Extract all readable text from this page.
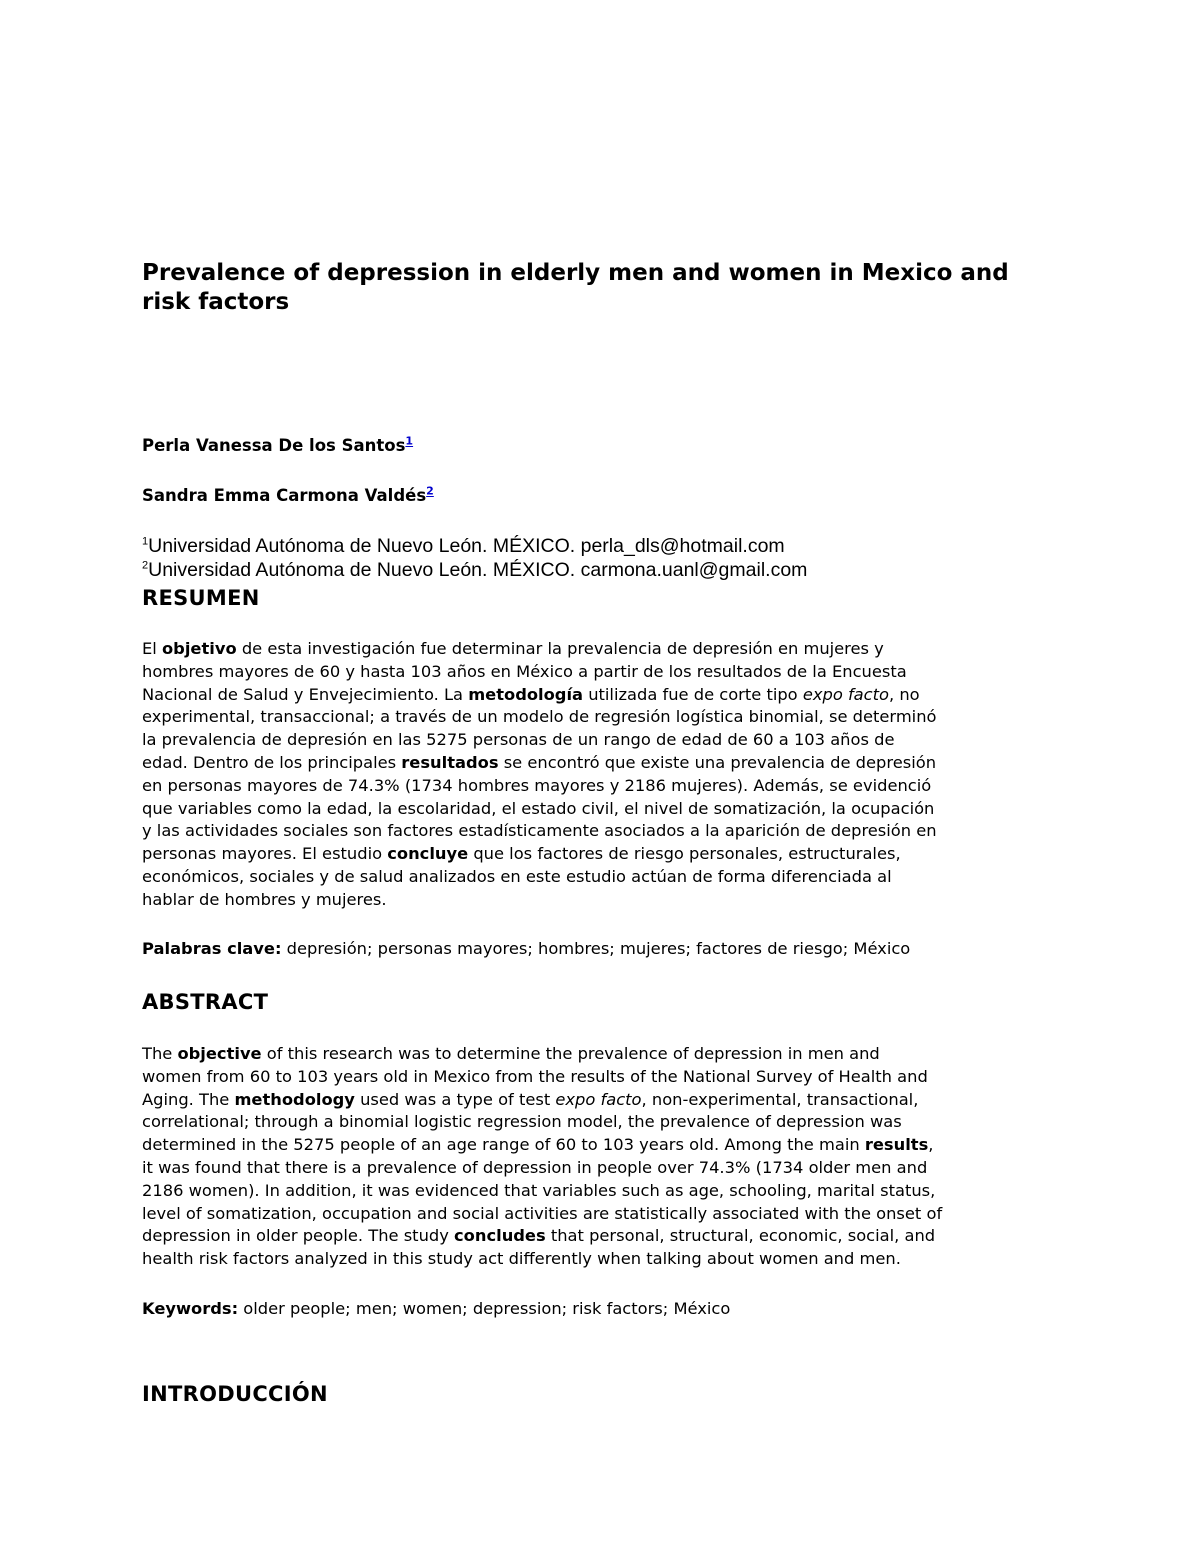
Prevalence of depression in elderly men and women in Mexico and
risk factors

Perla Vanessa De los Santos$^1$

Sandra Emma Carmona Valdés$^2$

$^1$Universidad Autónoma de Nuevo León. MÉXICO. perla_dls@hotmail.com

$^2$Universidad Autónoma de Nuevo León. MÉXICO. carmona.uanl@gmail.com

RESUMEN
El objetivo de esta investigación fue determinar la prevalencia de depresión en mujeres y
hombres mayores de 60 y hasta 103 años en México a partir de los resultados de la Encuesta
Nacional de Salud y Envejecimiento. La metodología utilizada fue de corte tipo expo facto, no
experimental, transaccional; a través de un modelo de regresión logística binomial, se determinó
la prevalencia de depresión en las 5275 personas de un rango de edad de 60 a 103 años de
edad. Dentro de los principales resultados se encontró que existe una prevalencia de depresión
en personas mayores de 74.3% (1734 hombres mayores y 2186 mujeres). Además, se evidenció
que variables como la edad, la escolaridad, el estado civil, el nivel de somatización, la ocupación
y las actividades sociales son factores estadísticamente asociados a la aparición de depresión en
personas mayores. El estudio concluye que los factores de riesgo personales, estructurales,
económicos, sociales y de salud analizados en este estudio actúan de forma diferenciada al
hablar de hombres y mujeres.

Palabras clave: depresión; personas mayores; hombres; mujeres; factores de riesgo; México

ABSTRACT
The objective of this research was to determine the prevalence of depression in men and
women from 60 to 103 years old in Mexico from the results of the National Survey of Health and
Aging. The methodology used was a type of test expo facto, non-experimental, transactional,
correlational; through a binomial logistic regression model, the prevalence of depression was
determined in the 5275 people of an age range of 60 to 103 years old. Among the main results,
it was found that there is a prevalence of depression in people over 74.3% (1734 older men and
2186 women). In addition, it was evidenced that variables such as age, schooling, marital status,
level of somatization, occupation and social activities are statistically associated with the onset of
depression in older people. The study concludes that personal, structural, economic, social, and
health risk factors analyzed in this study act differently when talking about women and men.

Keywords: older people; men; women; depression; risk factors; México

INTRODUCCIÓN
